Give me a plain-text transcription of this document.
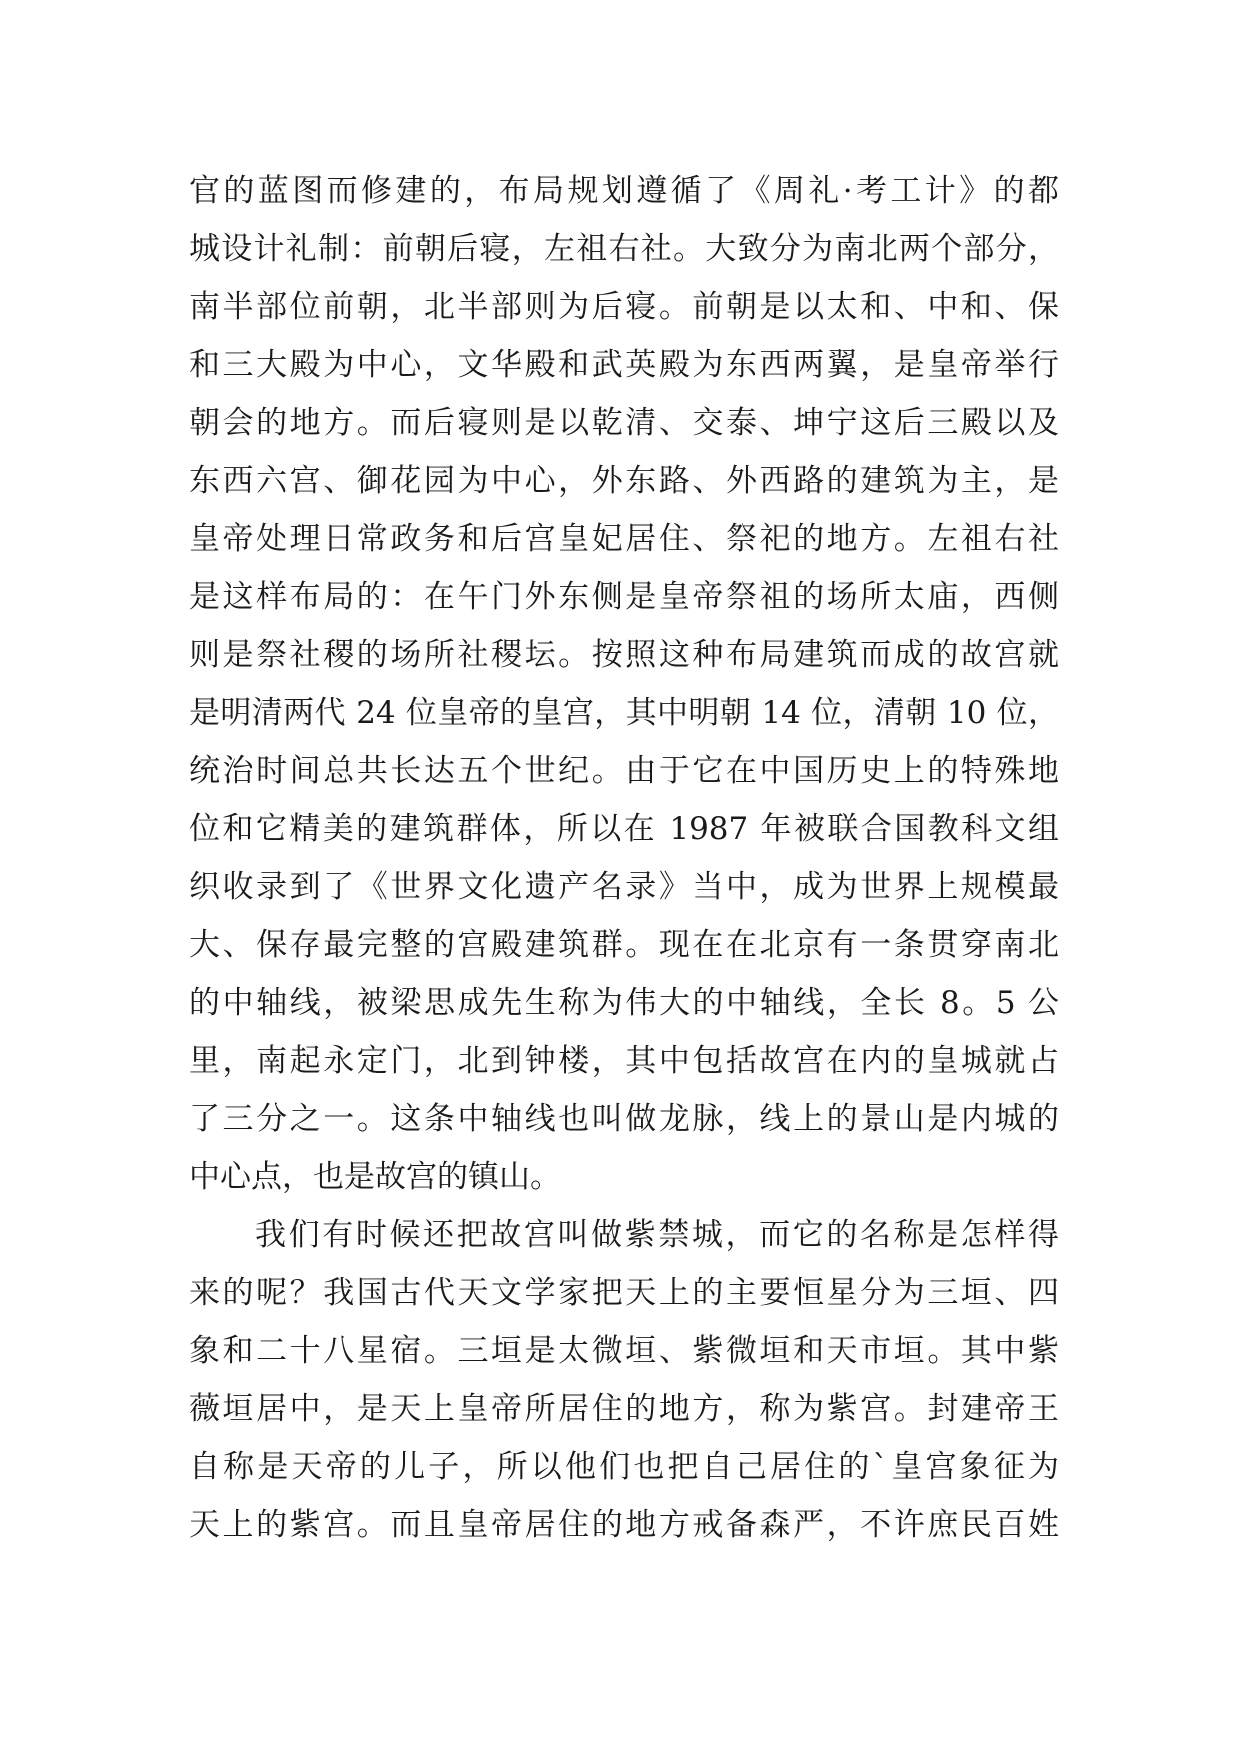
官的蓝图而修建的，布局规划遵循了《周礼·考工计》的都
城设计礼制：前朝后寝，左祖右社。大致分为南北两个部分，
南半部位前朝，北半部则为后寝。前朝是以太和、中和、保
和三大殿为中心，文华殿和武英殿为东西两翼，是皇帝举行
朝会的地方。而后寝则是以乾清、交泰、坤宁这后三殿以及
东西六宫、御花园为中心，外东路、外西路的建筑为主，是
皇帝处理日常政务和后宫皇妃居住、祭祀的地方。左祖右社
是这样布局的：在午门外东侧是皇帝祭祖的场所太庙，西侧
则是祭社稷的场所社稷坛。按照这种布局建筑而成的故宫就
是明清两代 24 位皇帝的皇宫，其中明朝 14 位，清朝 10 位，
统治时间总共长达五个世纪。由于它在中国历史上的特殊地
位和它精美的建筑群体，所以在 1987 年被联合国教科文组
织收录到了《世界文化遗产名录》当中，成为世界上规模最
大、保存最完整的宫殿建筑群。现在在北京有一条贯穿南北
的中轴线，被梁思成先生称为伟大的中轴线，全长 8。5 公
里，南起永定门，北到钟楼，其中包括故宫在内的皇城就占
了三分之一。这条中轴线也叫做龙脉，线上的景山是内城的
中心点，也是故宫的镇山。
我们有时候还把故宫叫做紫禁城，而它的名称是怎样得
来的呢？我国古代天文学家把天上的主要恒星分为三垣、四
象和二十八星宿。三垣是太微垣、紫微垣和天市垣。其中紫
薇垣居中，是天上皇帝所居住的地方，称为紫宫。封建帝王
自称是天帝的儿子，所以他们也把自己居住的`皇宫象征为
天上的紫宫。而且皇帝居住的地方戒备森严，不许庶民百姓
